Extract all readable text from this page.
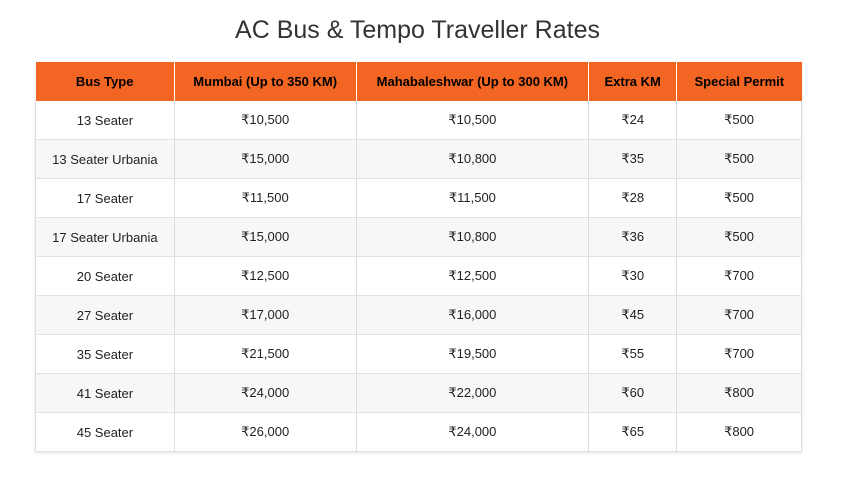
AC Bus & Tempo Traveller Rates
Bus Type	Mumbai (Up to 350 KM)	Mahabaleshwar (Up to 300 KM)	Extra KM	Special Permit
13 Seater	₹10,500	₹10,500	₹24	₹500
13 Seater Urbania	₹15,000	₹10,800	₹35	₹500
17 Seater	₹11,500	₹11,500	₹28	₹500
17 Seater Urbania	₹15,000	₹10,800	₹36	₹500
20 Seater	₹12,500	₹12,500	₹30	₹700
27 Seater	₹17,000	₹16,000	₹45	₹700
35 Seater	₹21,500	₹19,500	₹55	₹700
41 Seater	₹24,000	₹22,000	₹60	₹800
45 Seater	₹26,000	₹24,000	₹65	₹800
